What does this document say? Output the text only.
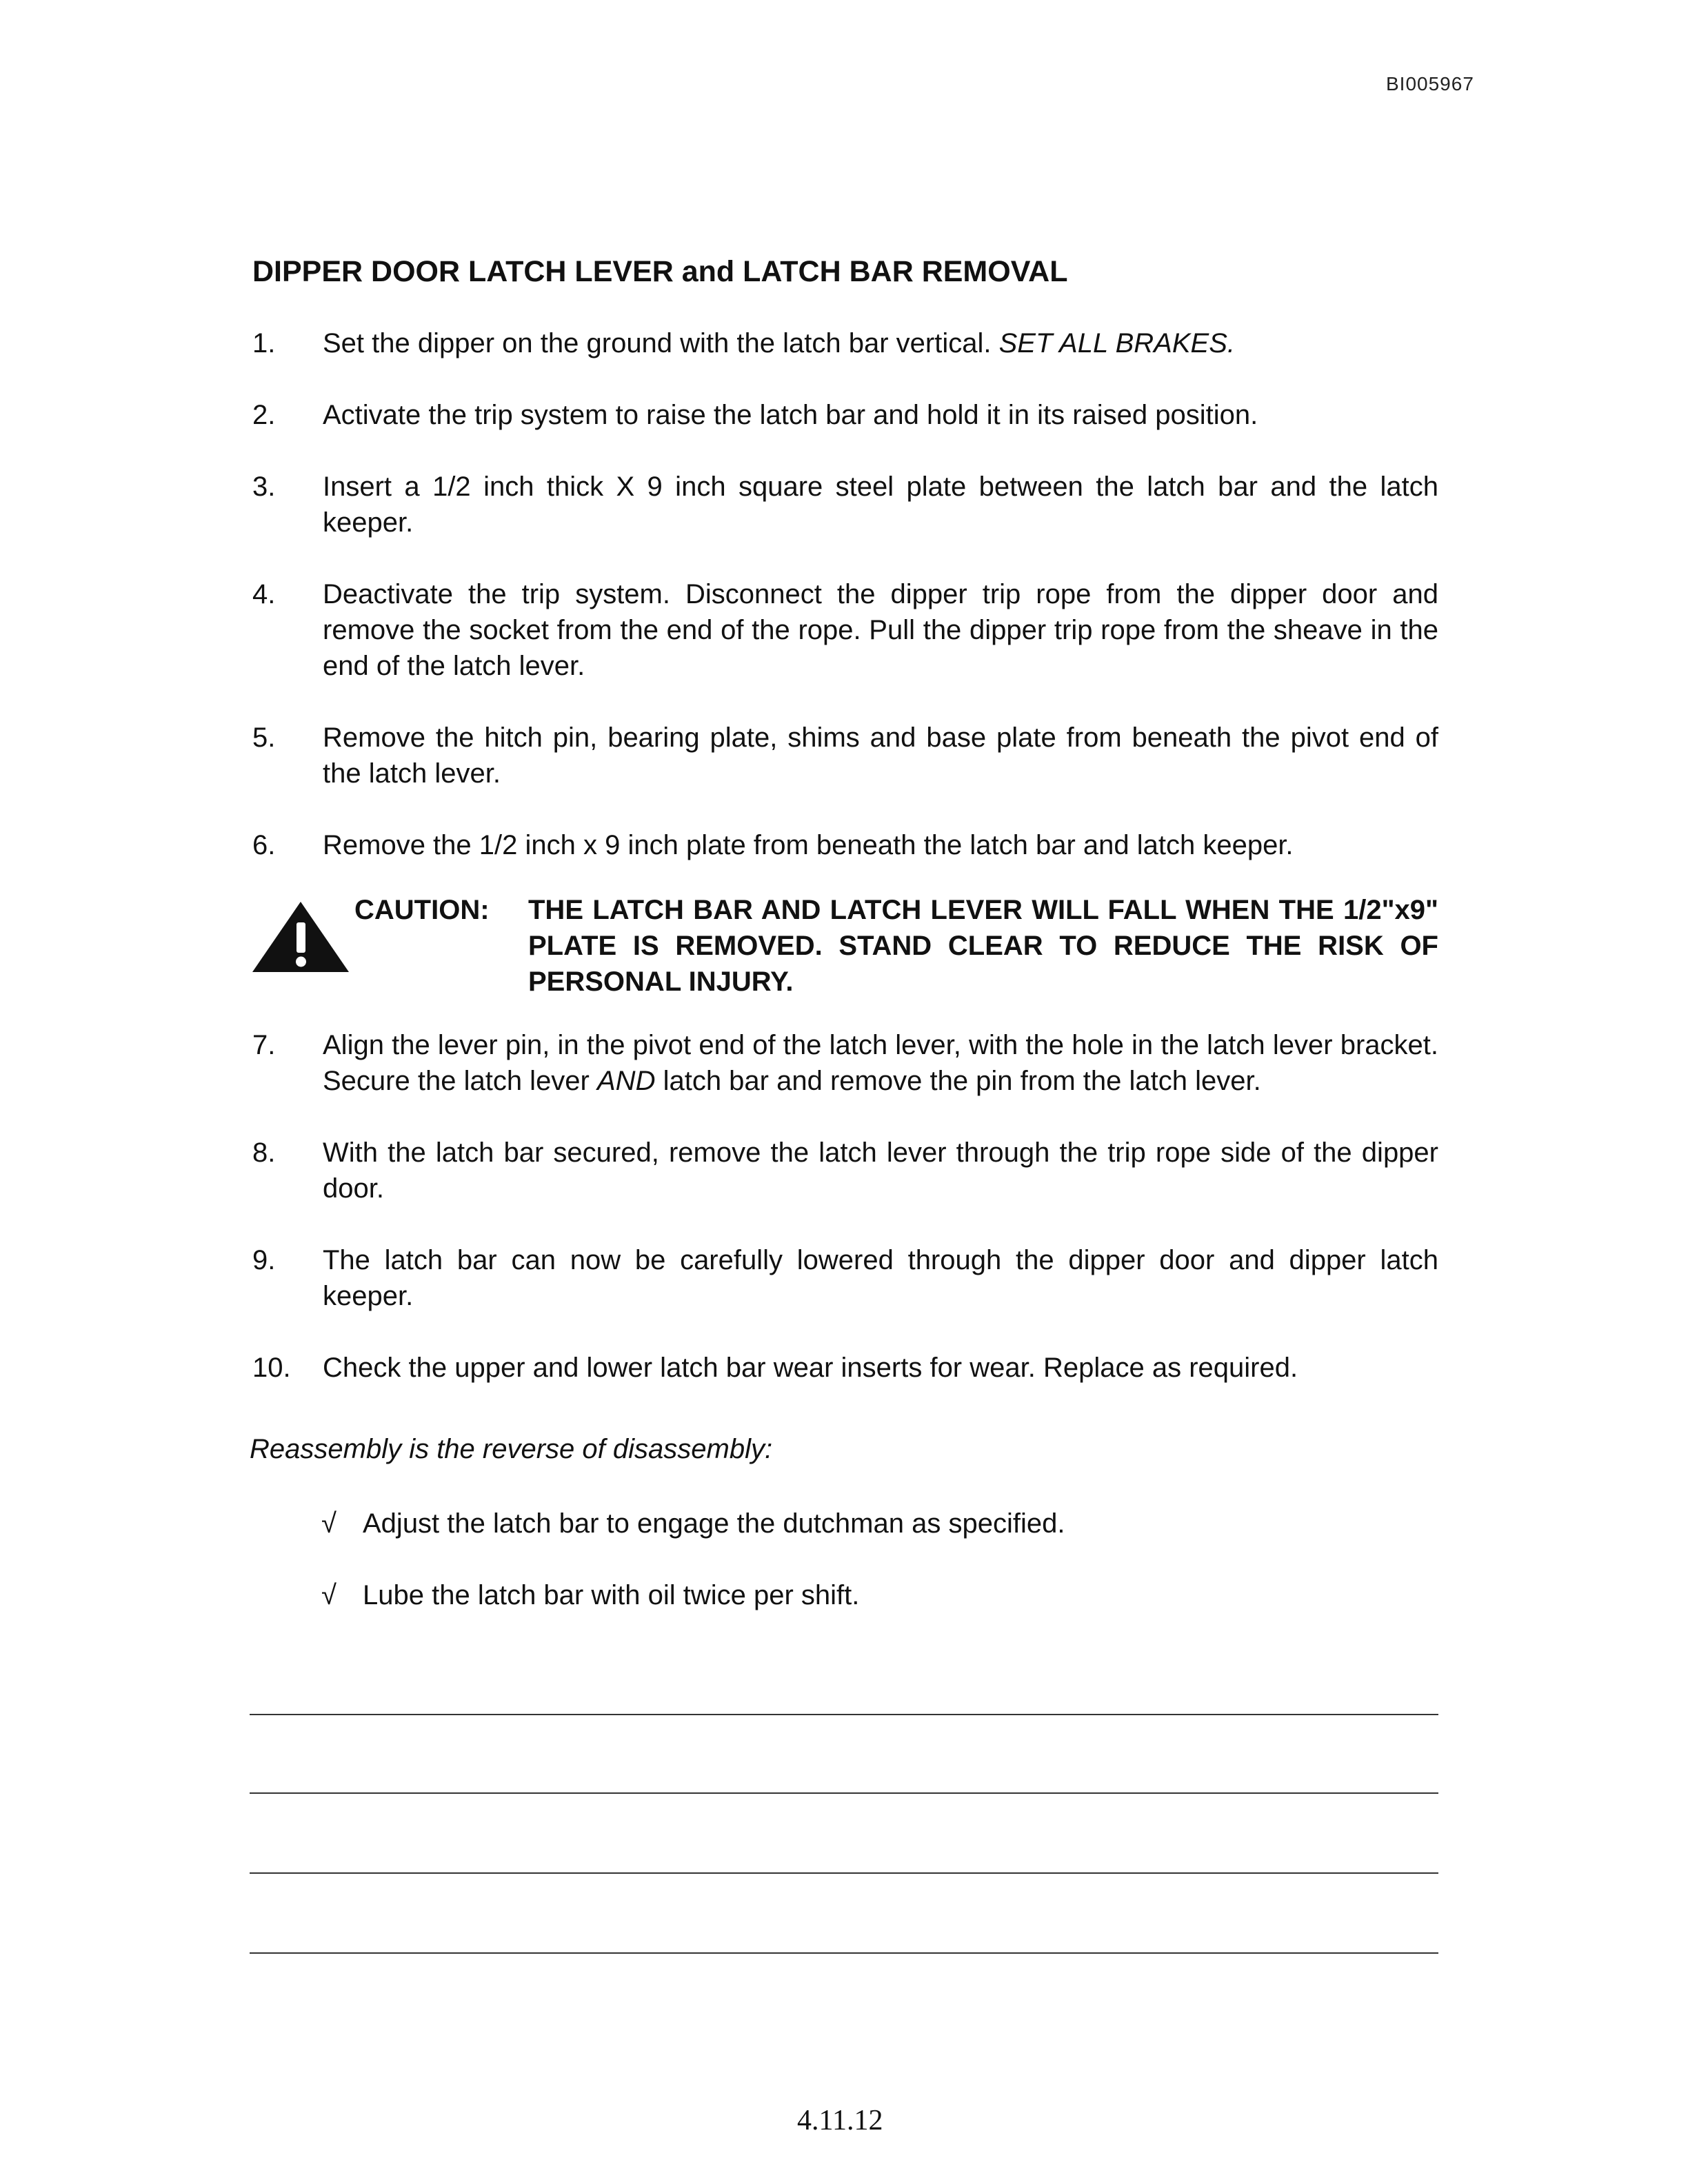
BI005967
DIPPER DOOR LATCH LEVER and LATCH BAR REMOVAL
1.	Set the dipper on the ground with the latch bar vertical. SET ALL BRAKES.
2.	Activate the trip system to raise the latch bar and hold it in its raised position.
3.	Insert a 1/2 inch thick X 9 inch square steel plate between the latch bar and the latch keeper.
4.	Deactivate the trip system. Disconnect the dipper trip rope from the dipper door and remove the socket from the end of the rope. Pull the dipper trip rope from the sheave in the end of the latch lever.
5.	Remove the hitch pin, bearing plate, shims and base plate from beneath the pivot end of the latch lever.
6.	Remove the 1/2 inch x 9 inch plate from beneath the latch bar and latch keeper.
CAUTION:	THE LATCH BAR AND LATCH LEVER WILL FALL WHEN THE 1/2"x9" PLATE IS REMOVED. STAND CLEAR TO REDUCE THE RISK OF PERSONAL INJURY.
7.	Align the lever pin, in the pivot end of the latch lever, with the hole in the latch lever bracket. Secure the latch lever AND latch bar and remove the pin from the latch lever.
8.	With the latch bar secured, remove the latch lever through the trip rope side of the dipper door.
9.	The latch bar can now be carefully lowered through the dipper door and dipper latch keeper.
10.	Check the upper and lower latch bar wear inserts for wear. Replace as required.
Reassembly is the reverse of disassembly:
√ Adjust the latch bar to engage the dutchman as specified.
√ Lube the latch bar with oil twice per shift.
4.11.12
